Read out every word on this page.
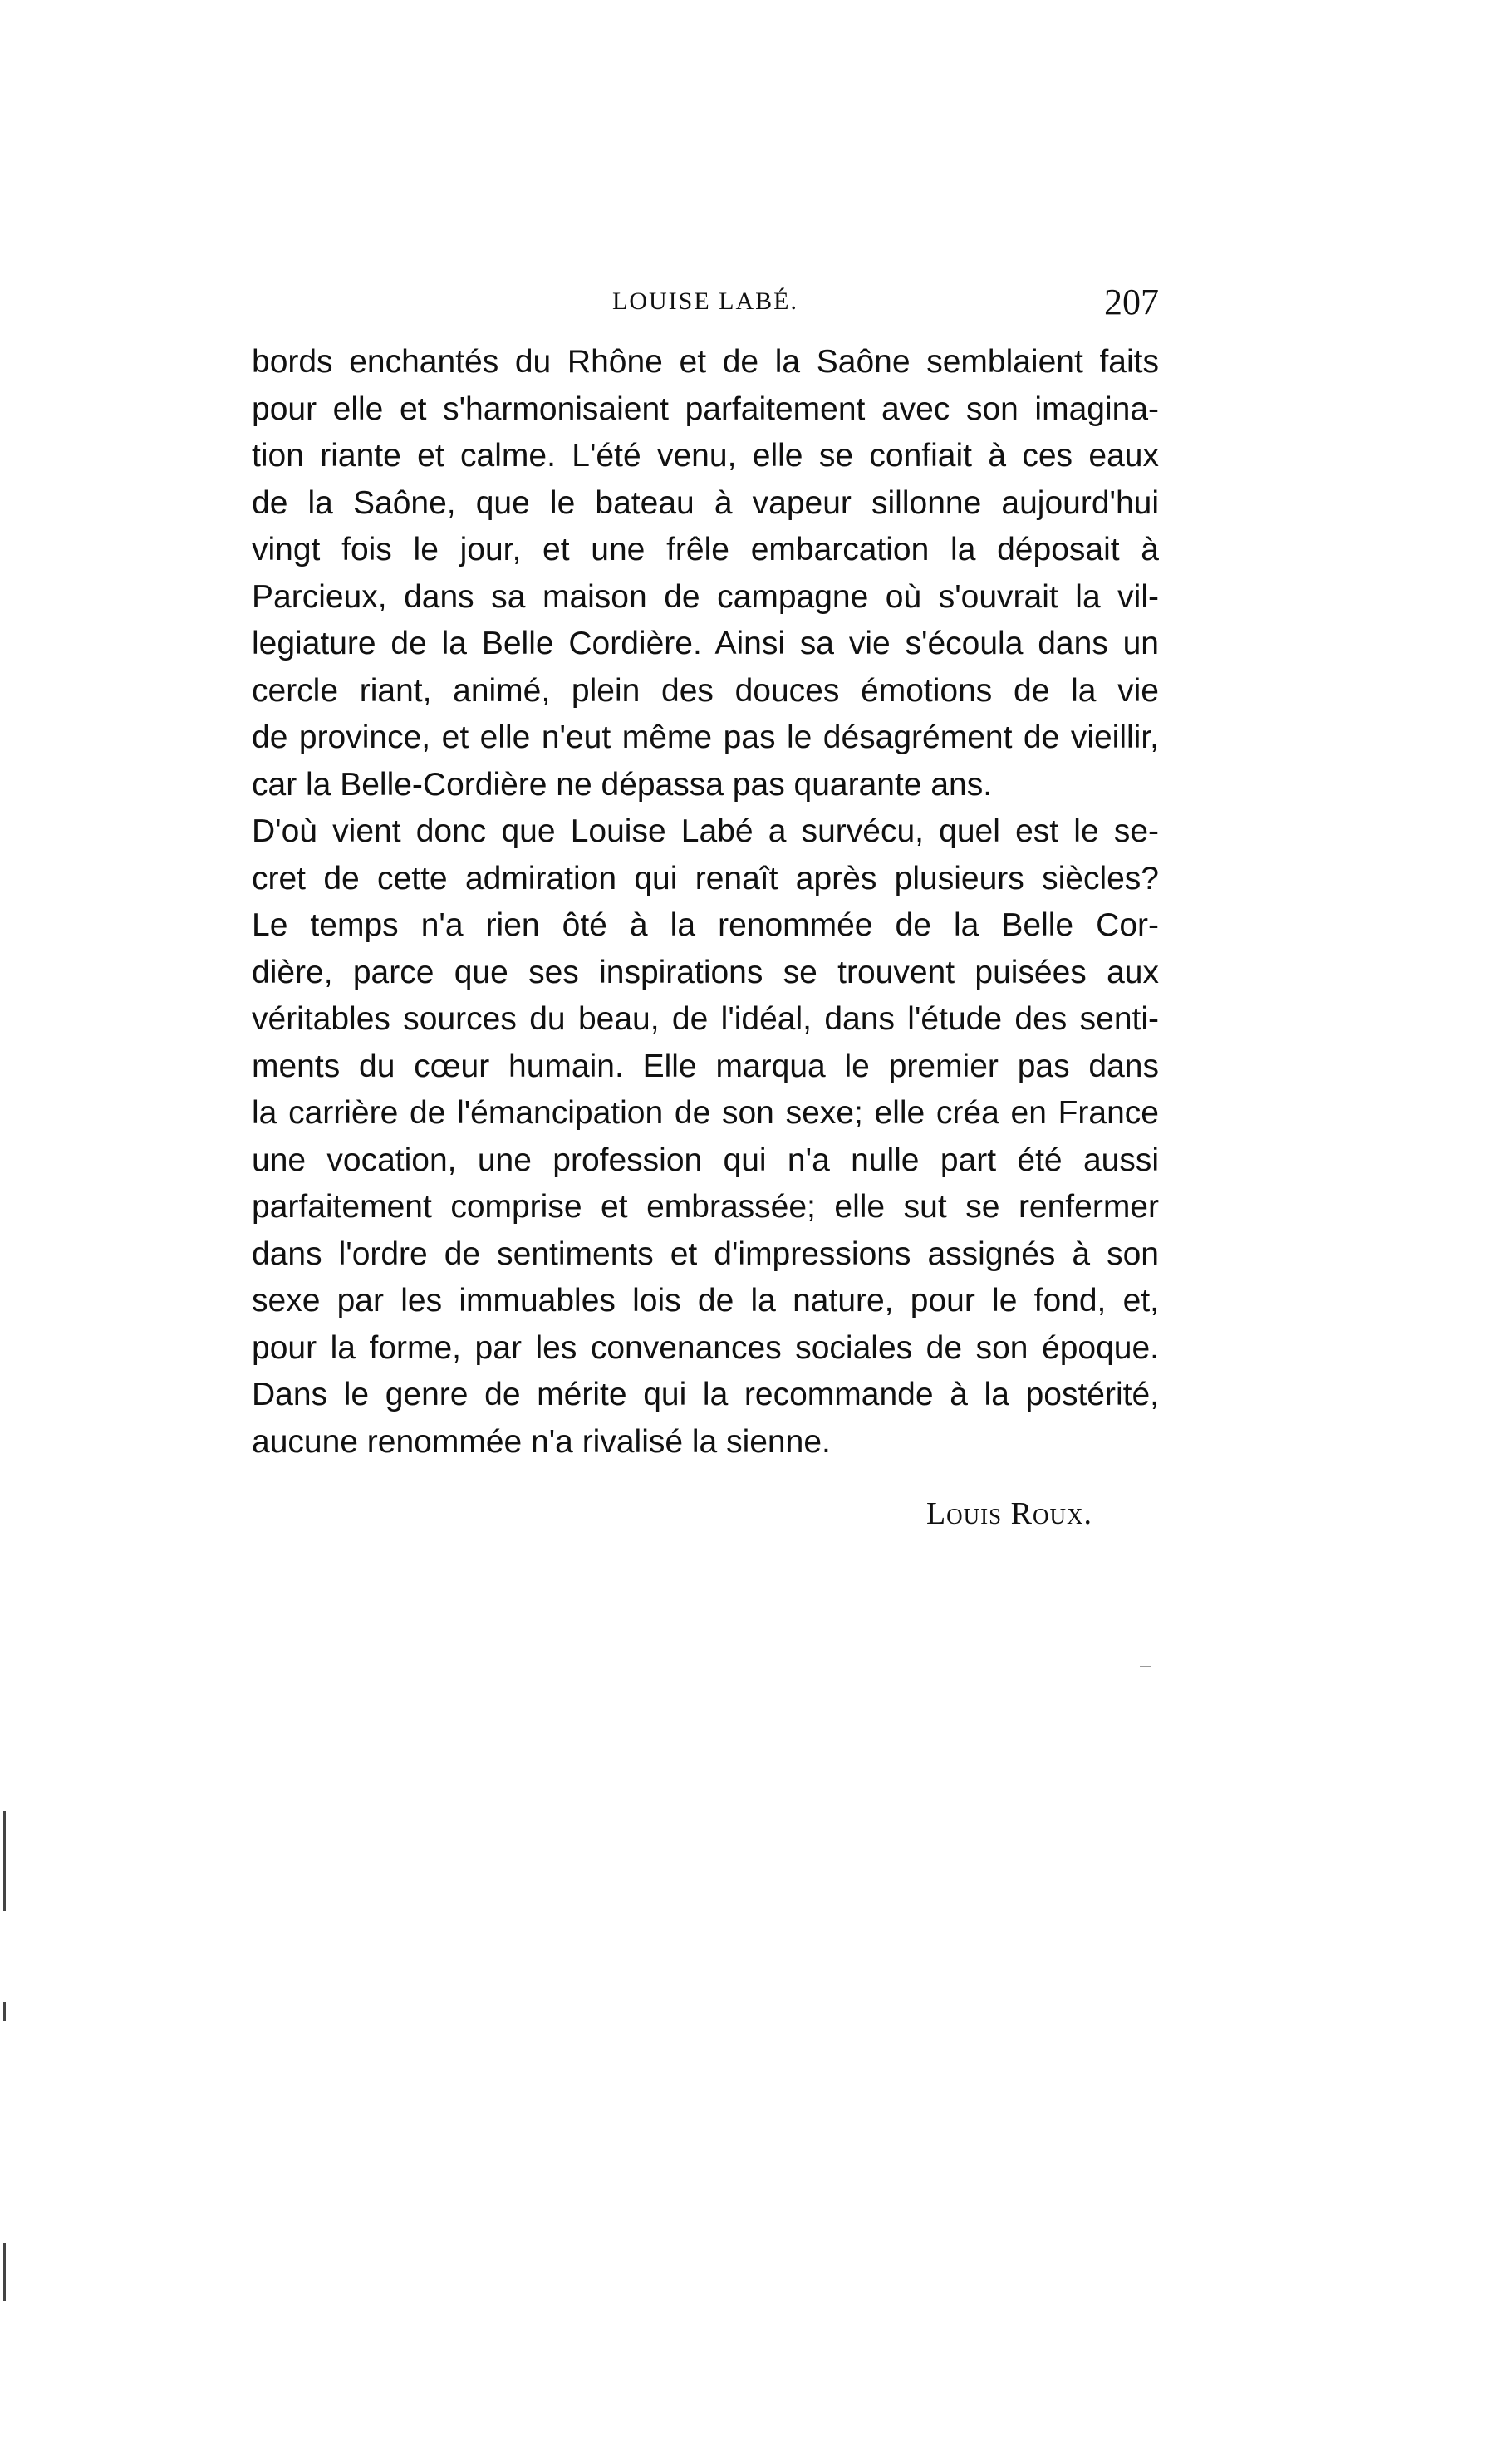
LOUISE LABÉ.	207
bords enchantés du Rhône et de la Saône semblaient faits
pour elle et s'harmonisaient parfaitement avec son imagina-
tion riante et calme. L'été venu, elle se confiait à ces eaux
de la Saône, que le bateau à vapeur sillonne aujourd'hui
vingt fois le jour, et une frêle embarcation la déposait à
Parcieux, dans sa maison de campagne où s'ouvrait la vil-
legiature de la Belle Cordière. Ainsi sa vie s'écoula dans un
cercle riant, animé, plein des douces émotions de la vie
de province, et elle n'eut même pas le désagrément de vieillir,
car la Belle-Cordière ne dépassa pas quarante ans.
D'où vient donc que Louise Labé a survécu, quel est le se-
cret de cette admiration qui renaît après plusieurs siècles?
Le temps n'a rien ôté à la renommée de la Belle Cor-
dière, parce que ses inspirations se trouvent puisées aux
véritables sources du beau, de l'idéal, dans l'étude des senti-
ments du cœur humain. Elle marqua le premier pas dans
la carrière de l'émancipation de son sexe; elle créa en France
une vocation, une profession qui n'a nulle part été aussi
parfaitement comprise et embrassée; elle sut se renfermer
dans l'ordre de sentiments et d'impressions assignés à son
sexe par les immuables lois de la nature, pour le fond, et,
pour la forme, par les convenances sociales de son époque.
Dans le genre de mérite qui la recommande à la postérité,
aucune renommée n'a rivalisé la sienne.
Louis Roux.
